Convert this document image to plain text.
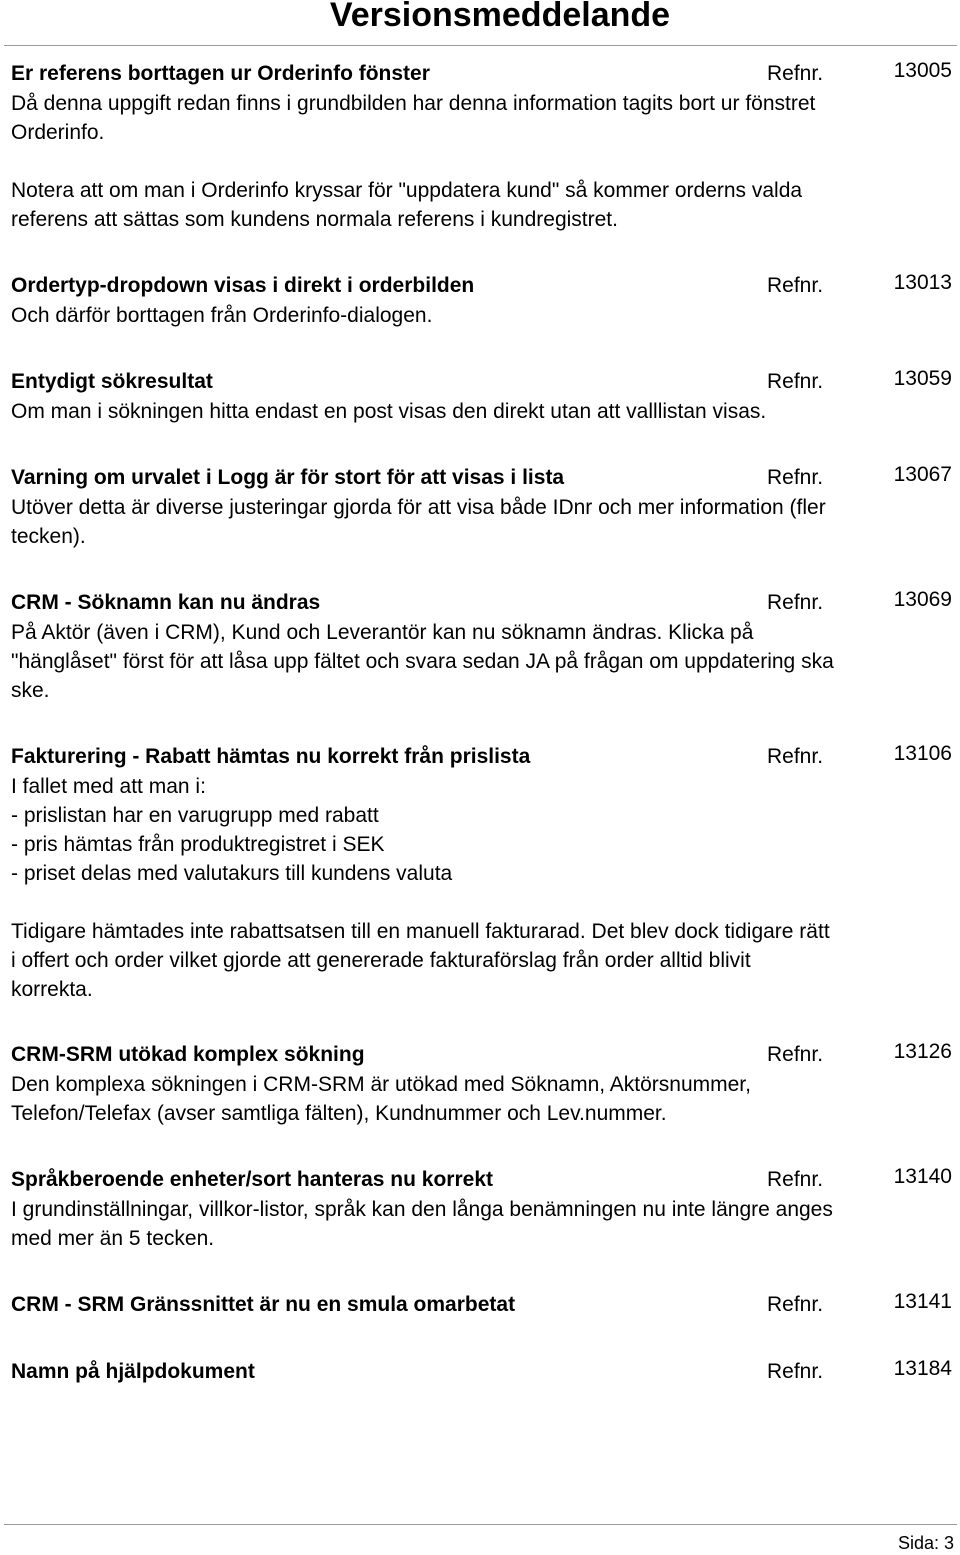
Versionsmeddelande
Er referens borttagen ur Orderinfo fönster	Refnr.	13005

Då denna uppgift redan finns i grundbilden har denna information tagits bort ur fönstret

Orderinfo.

Notera att om man i Orderinfo kryssar för "uppdatera kund" så kommer orderns valda

referens att sättas som kundens normala referens i kundregistret.

Ordertyp-dropdown visas i direkt i orderbilden	Refnr.	13013

Och därför borttagen från Orderinfo-dialogen.

Entydigt sökresultat	Refnr.	13059

Om man i sökningen hitta endast en post visas den direkt utan att valllistan visas.

Varning om urvalet i Logg är för stort för att visas i lista	Refnr.	13067

Utöver detta är diverse justeringar gjorda för att visa både IDnr och mer information (fler

tecken).

CRM - Söknamn kan nu ändras	Refnr.	13069

På Aktör (även i CRM), Kund och Leverantör kan nu söknamn ändras. Klicka på

"hänglåset" först för att låsa upp fältet och svara sedan JA på frågan om uppdatering ska

ske.

Fakturering - Rabatt hämtas nu korrekt från prislista	Refnr.	13106

I fallet med att man i:

- prislistan har en varugrupp med rabatt

- pris hämtas från produktregistret i SEK

- priset delas med valutakurs till kundens valuta

Tidigare hämtades inte rabattsatsen till en manuell fakturarad. Det blev dock tidigare rätt

i offert och order vilket gjorde att genererade fakturaförslag från order alltid blivit

korrekta.

CRM-SRM utökad komplex sökning	Refnr.	13126

Den komplexa sökningen i CRM-SRM är utökad med Söknamn, Aktörsnummer,

Telefon/Telefax (avser samtliga fälten), Kundnummer och Lev.nummer.

Språkberoende enheter/sort hanteras nu korrekt	Refnr.	13140

I grundinställningar, villkor-listor, språk kan den långa benämningen nu inte längre anges

med mer än 5 tecken.

CRM - SRM Gränssnittet är nu en smula omarbetat	Refnr.	13141
Namn på hjälpdokument	Refnr.	13184
Sida: 3
